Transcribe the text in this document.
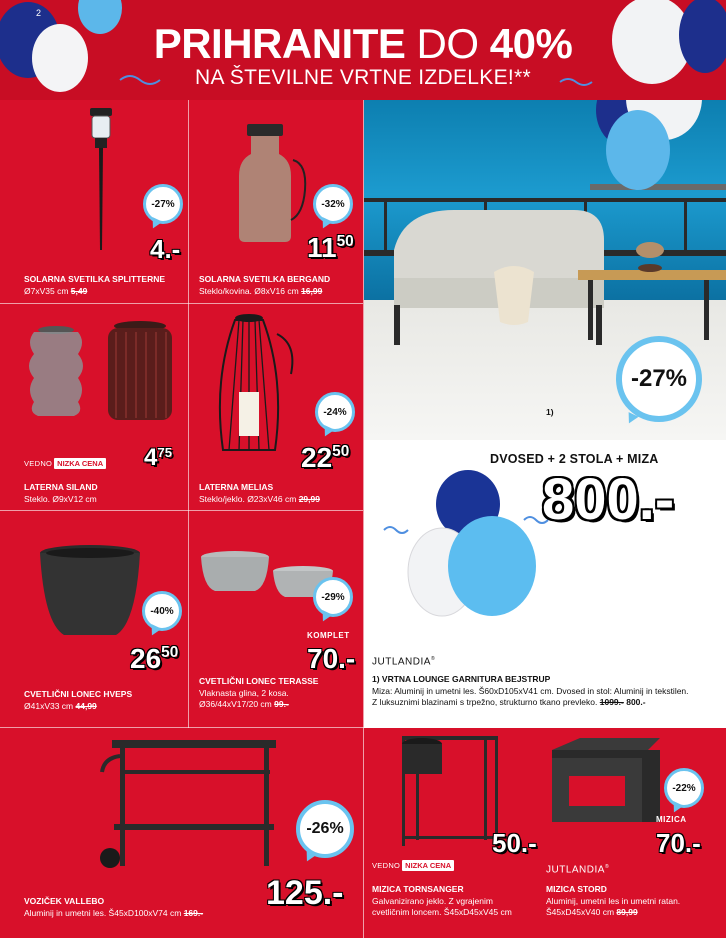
2
PRIHRANITE DO 40%
NA ŠTEVILNE VRTNE IZDELKE!**
-27%
4.-
SOLARNA SVETILKA SPLITTERNE
Ø7xV35 cm 5,49
-32%
$11^{50}$
SOLARNA SVETILKA BERGAND
Steklo/kovina. Ø8xV16 cm 16,99
VEDNO NIZKA CENA $4^{75}$
LATERNA SILAND
Steklo. Ø9xV12 cm
-24%
$22^{50}$
LATERNA MELIAS
Steklo/jeklo. Ø23xV46 cm 29,99
-40%
$26^{50}$
CVETLIČNI LONEC HVEPS
Ø41xV33 cm 44,99
-29%
KOMPLET
70.-
CVETLIČNI LONEC TERASSE
Vlaknasta glina, 2 kosa.
Ø36/44xV17/20 cm 99.-
-27%
1)
DVOSED + 2 STOLA + MIZA
800.-
JUTLANDIA®
1) VRTNA LOUNGE GARNITURA BEJSTRUP
Miza: Aluminij in umetni les. Š60xD105xV41 cm. Dvosed in stol: Aluminij in tekstilen.
Z luksuznimi blazinami s trpežno, strukturno tkano prevleko. 1099.- 800.-
-26%
125.-
VOZIČEK VALLEBO
Aluminij in umetni les. Š45xD100xV74 cm 169.-
50.-
VEDNO NIZKA CENA
MIZICA TORNSANGER
Galvanizirano jeklo. Z vgrajenim
cvetličnim loncem. Š45xD45xV45 cm
-22%
MIZICA
70.-
JUTLANDIA®
MIZICA STORD
Aluminij, umetni les in umetni ratan.
Š45xD45xV40 cm 89,99
